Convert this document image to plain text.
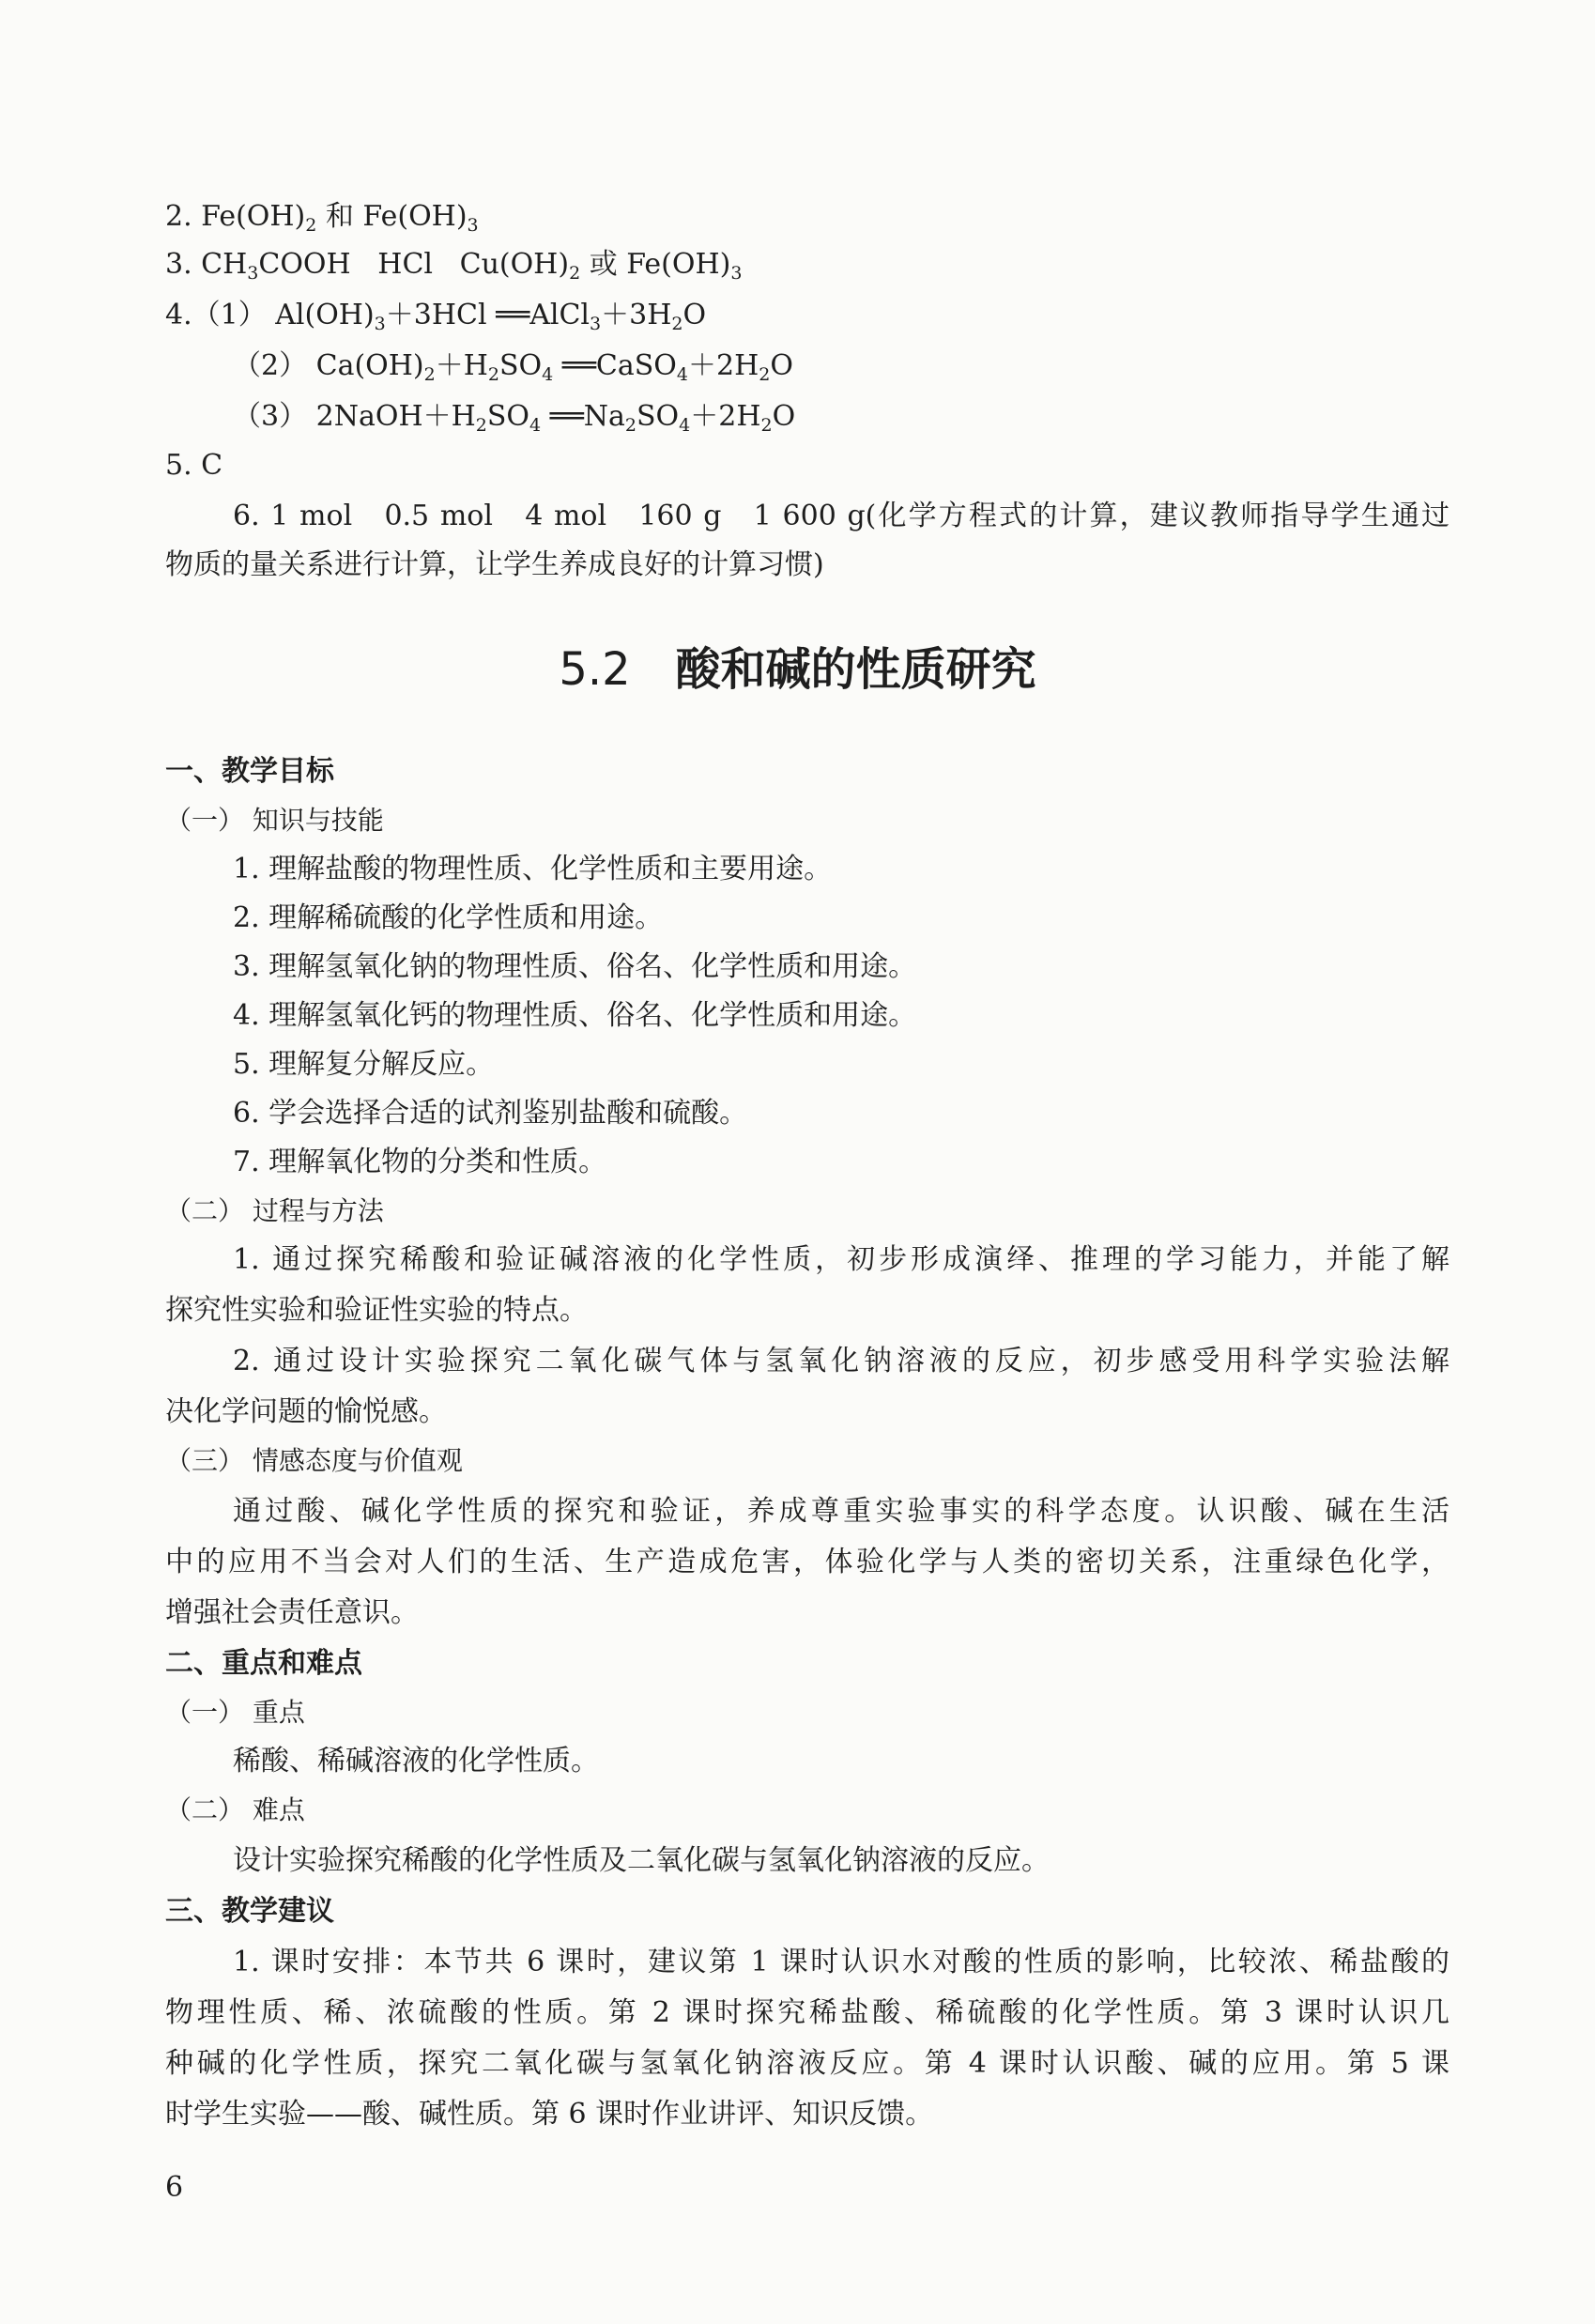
2. $Fe(OH)_2$ 和 $Fe(OH)_3$
3. $CH_3COOH$   HCl   $Cu(OH)_2$ 或 $Fe(OH)_3$
4.（1） $Al(OH)_3+3HCl$ $══AlCl_3+3H_2O$
（2） $Ca(OH)_2+H_2SO_4$ $══CaSO_4+2H_2O$
（3） $2NaOH+H_2SO_4$ $══Na_2SO_4+2H_2O$
5. C
6. 1 mol　0.5 mol　4 mol　160 g　1 600 g(化学方程式的计算，建议教师指导学生通过
物质的量关系进行计算，让学生养成良好的计算习惯)
5.2 酸和碱的性质研究
一、教学目标
（一） 知识与技能
1. 理解盐酸的物理性质、化学性质和主要用途。
2. 理解稀硫酸的化学性质和用途。
3. 理解氢氧化钠的物理性质、俗名、化学性质和用途。
4. 理解氢氧化钙的物理性质、俗名、化学性质和用途。
5. 理解复分解反应。
6. 学会选择合适的试剂鉴别盐酸和硫酸。
7. 理解氧化物的分类和性质。
（二） 过程与方法
1. 通过探究稀酸和验证碱溶液的化学性质，初步形成演绎、推理的学习能力，并能了解
探究性实验和验证性实验的特点。
2. 通过设计实验探究二氧化碳气体与氢氧化钠溶液的反应，初步感受用科学实验法解
决化学问题的愉悦感。
（三） 情感态度与价值观
通过酸、碱化学性质的探究和验证，养成尊重实验事实的科学态度。认识酸、碱在生活
中的应用不当会对人们的生活、生产造成危害，体验化学与人类的密切关系，注重绿色化学，
增强社会责任意识。
二、重点和难点
（一） 重点
稀酸、稀碱溶液的化学性质。
（二） 难点
设计实验探究稀酸的化学性质及二氧化碳与氢氧化钠溶液的反应。
三、教学建议
1. 课时安排：本节共 6 课时，建议第 1 课时认识水对酸的性质的影响，比较浓、稀盐酸的
物理性质、稀、浓硫酸的性质。第 2 课时探究稀盐酸、稀硫酸的化学性质。第 3 课时认识几
种碱的化学性质，探究二氧化碳与氢氧化钠溶液反应。第 4 课时认识酸、碱的应用。第 5 课
时学生实验——酸、碱性质。第 6 课时作业讲评、知识反馈。
6
